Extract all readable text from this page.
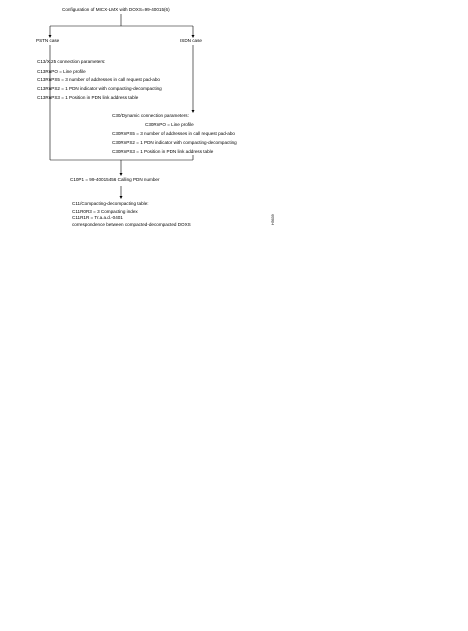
Configuration of MICX-LMX with DOXS=99-40015(6)
PSTN case	ISDN case
C13/X.25 connection parameters:
C13RnPO = Line profile
C13RnPS5 = 3 number of addresses in call request pad-abo
C13RnPS2 = 1 PDN indicator with compacting-decompacting
C13RnPS3 = 1 Position in PDN link address table
C30/Dynamic connection parameters:
C30RnPO = Line profile
C30RnPS5 = 3 number of addresses in call request pad-abo
C30RnPS2 = 1 PDN indicator with compacting-decompacting
C30RnPS3 = 1 Position in PDN link address table
C10P1 = 99-40015456 Calling PDN number
C11/Compacting-decompacting table:
C11R0R3 = 3 Compacting index
C11R1R = Tr.a.a.d.-0401
correspondence between compacted-decompacted DOXS	H5639
